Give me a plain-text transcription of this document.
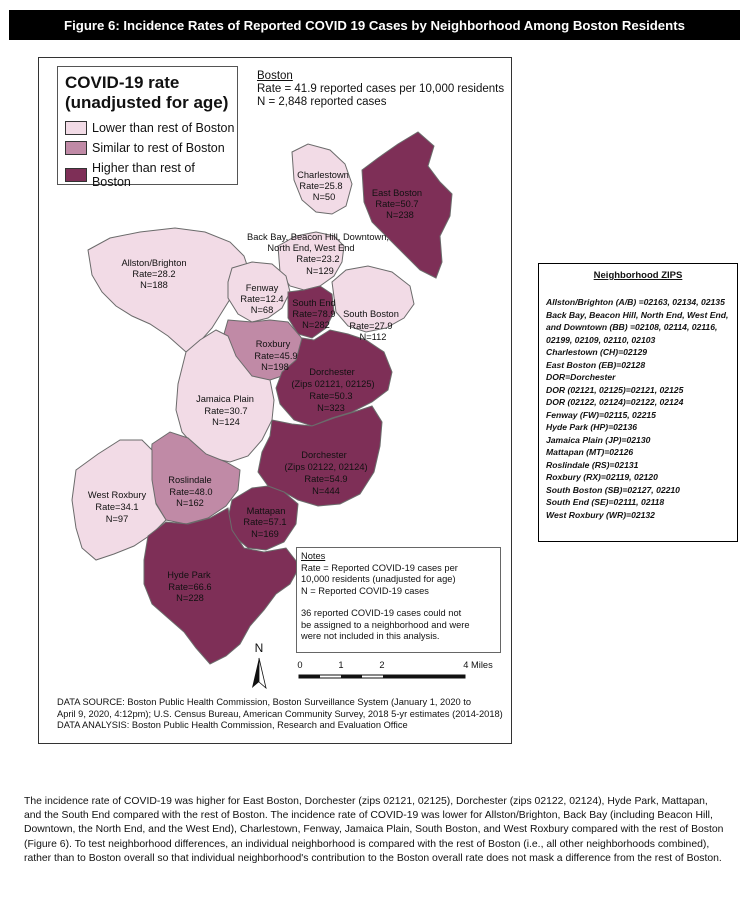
Figure 6: Incidence Rates of Reported COVID 19 Cases by Neighborhood Among Boston Residents
Charlestown
Rate=25.8
N=50	East Boston
Rate=50.7
N=238
Back Bay, Beacon Hill, Downtown,
North End, West End
Rate=23.2
N=129
Allston/Brighton
Rate=28.2
N=188	Fenway
Rate=12.4
N=68
South End
Rate=78.9
N=282
South Boston
Rate=27.9
N=112
Roxbury
Rate=45.9
N=198 Dorchester
(Zips 02121, 02125)
Rate=50.3
N=323
Jamaica Plain
Rate=30.7
N=124
Dorchester
(Zips 02122, 02124)
Rate=54.9
N=444
Roslindale
Rate=48.0
N=162
West Roxbury
Rate=34.1
N=97
Mattapan
Rate=57.1
N=169
Hyde Park
Rate=66.6
N=228
N
0	1	2	4 Miles
COVID-19 rate
(unadjusted for age)
Lower than rest of Boston
Similar to rest of Boston
Higher than rest of Boston
Boston
Rate = 41.9 reported cases per 10,000 residents
N = 2,848 reported cases
Notes
Rate = Reported COVID-19 cases per
10,000 residents (unadjusted for age)
N = Reported COVID-19 cases
36 reported COVID-19 cases could not
be assigned to a neighborhood and were
were not included in this analysis.
DATA SOURCE: Boston Public Health Commission, Boston Surveillance System (January 1, 2020 to
April 9, 2020, 4:12pm); U.S. Census Bureau, American Community Survey, 2018 5-yr estimates (2014-2018)
DATA ANALYSIS: Boston Public Health Commission, Research and Evaluation Office
Neighborhood ZIPS
Allston/Brighton (A/B) =02163, 02134, 02135
Back Bay, Beacon Hill, North End, West End, and Downtown (BB) =02108, 02114, 02116, 02199, 02109, 02110, 02103
Charlestown (CH)=02129
East Boston (EB)=02128
DOR=Dorchester
DOR (02121, 02125)=02121, 02125
DOR (02122, 02124)=02122, 02124
Fenway (FW)=02115, 02215
Hyde Park (HP)=02136
Jamaica Plain (JP)=02130
Mattapan (MT)=02126
Roslindale (RS)=02131
Roxbury (RX)=02119, 02120
South Boston (SB)=02127, 02210
South End (SE)=02111, 02118
West Roxbury (WR)=02132
The incidence rate of COVID-19 was higher for East Boston, Dorchester (zips 02121, 02125), Dorchester (zips 02122, 02124), Hyde Park, Mattapan, and the South End compared with the rest of Boston. The incidence rate of COVID-19 was lower for Allston/Brighton, Back Bay (including Beacon Hill, Downtown, the North End, and the West End), Charlestown, Fenway, Jamaica Plain, South Boston, and West Roxbury compared with the rest of Boston (Figure 6). To test neighborhood differences, an individual neighborhood is compared with the rest of Boston (i.e., all other neighborhoods combined), rather than to Boston overall so that individual neighborhood's contribution to the Boston overall rate does not mask a difference from the rest of Boston.
